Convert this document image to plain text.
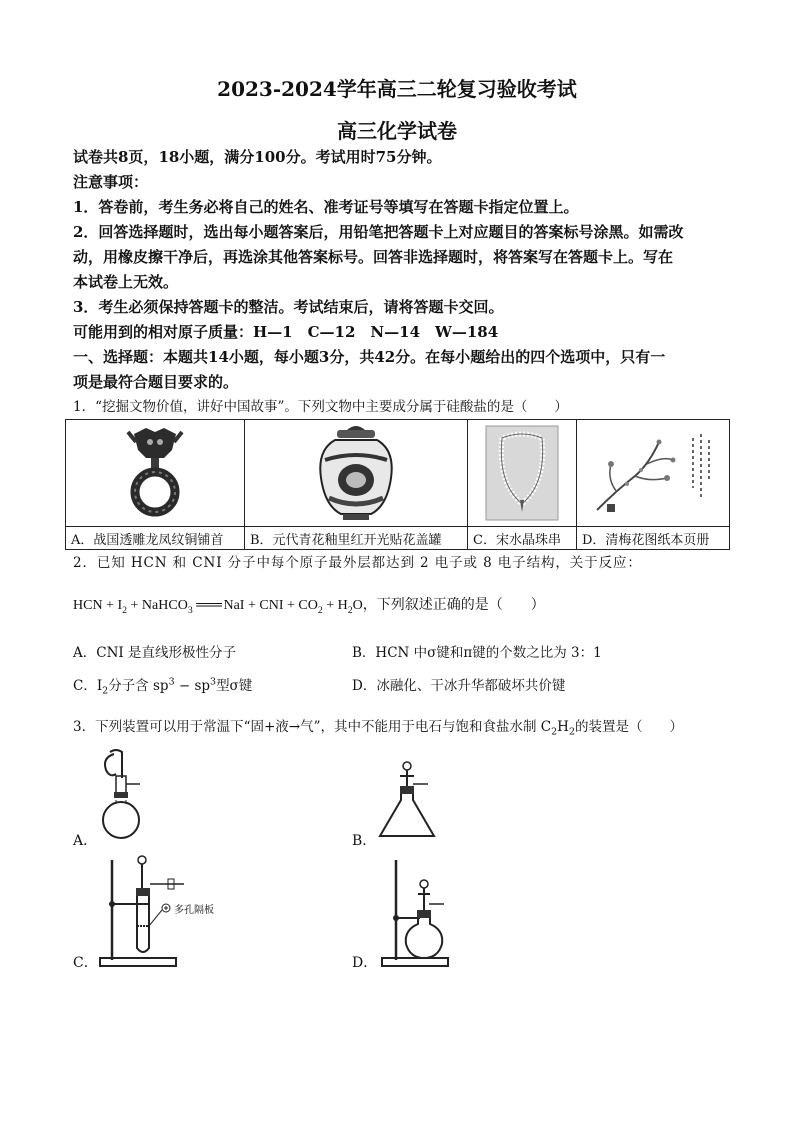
2023-2024学年高三二轮复习验收考试
高三化学试卷
试卷共8页，18小题，满分100分。考试用时75分钟。
注意事项：
1．答卷前，考生务必将自己的姓名、准考证号等填写在答题卡指定位置上。
2．回答选择题时，选出每小题答案后，用铅笔把答题卡上对应题目的答案标号涂黑。如需改
动，用橡皮擦干净后，再选涂其他答案标号。回答非选择题时，将答案写在答题卡上。写在
本试卷上无效。
3．考生必须保持答题卡的整洁。考试结束后，请将答题卡交回。
可能用到的相对原子质量：H—1　C—12　N—14　W—184
一、选择题：本题共14小题，每小题3分，共42分。在每小题给出的四个选项中，只有一
项是最符合题目要求的。
1．“挖掘文物价值，讲好中国故事”。下列文物中主要成分属于硅酸盐的是（　　）

A．战国透雕龙凤纹铜铺首	B．元代青花釉里红开光贴花盖罐	C．宋水晶珠串	D．清梅花图纸本页册
2．已知 HCN 和 CNI 分子中每个原子最外层都达到 2 电子或 8 电子结构，关于反应：
HCN + $I_2$ + NaHCO$_3$ ═══ NaI + CNI + $CO_2 + H_2O$，下列叙述正确的是（　　）
A．CNI 是直线形极性分子	B．HCN 中σ键和π键的个数之比为 3：1
C．$I_2$分子含 $sp^3 - sp^3$型σ键	D．冰融化、干冰升华都破坏共价键
3．下列装置可以用于常温下“固+液→气”，其中不能用于电石与饱和食盐水制 $C_2H_2$的装置是（　　）
A．	B．
C．
多孔隔板
D．
